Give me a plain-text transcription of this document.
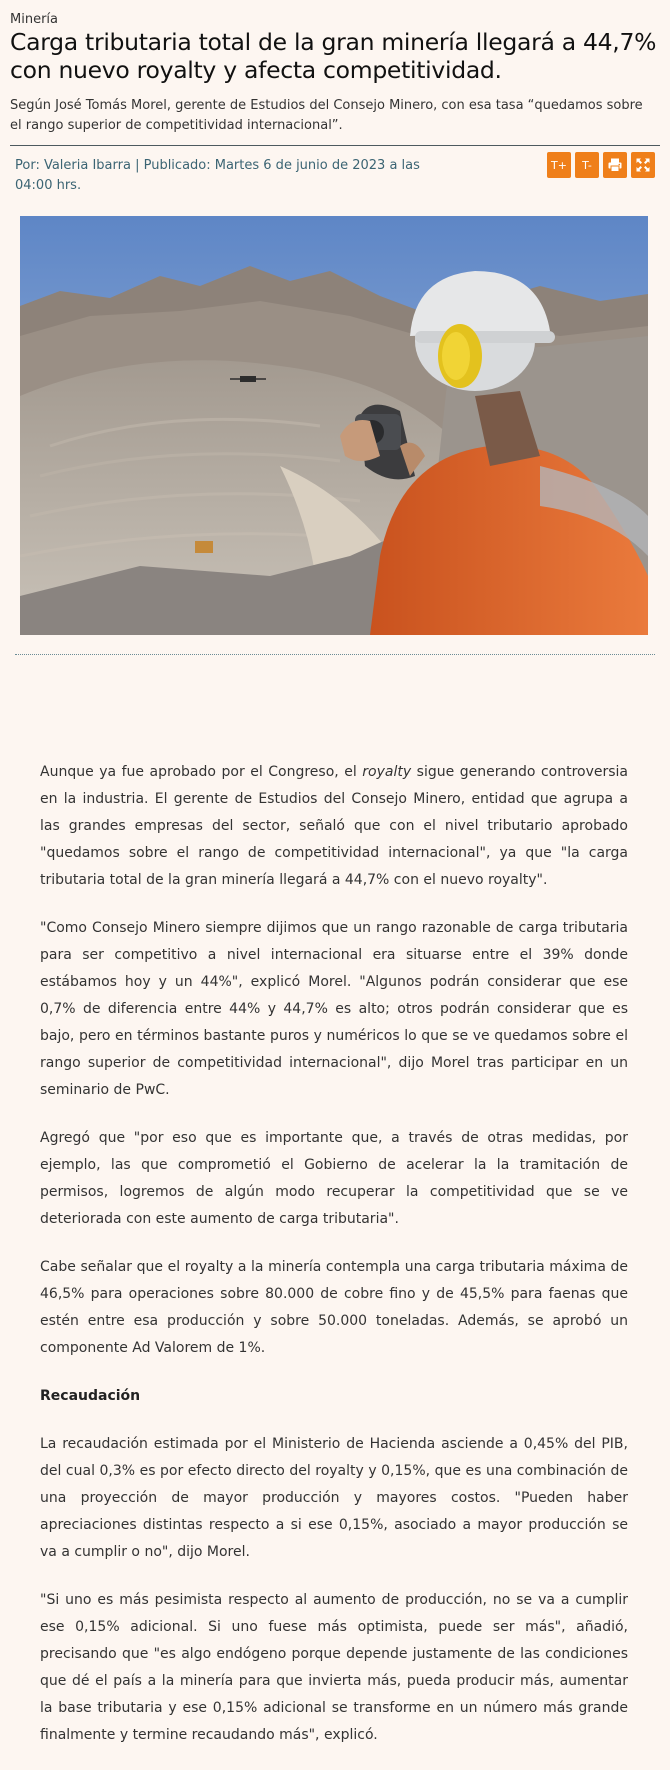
Minería
Carga tributaria total de la gran minería llegará a 44,7% con nuevo royalty y afecta competitividad.

Según José Tomás Morel, gerente de Estudios del Consejo Minero, con esa tasa “quedamos sobre el rango superior de competitividad internacional”.

Por: Valeria Ibarra | Publicado: Martes 6 de junio de 2023 a las 04:00 hrs.
T+	T-

Aunque ya fue aprobado por el Congreso, el royalty sigue generando controversia en la industria. El gerente de Estudios del Consejo Minero, entidad que agrupa a las grandes empresas del sector, señaló que con el nivel tributario aprobado "quedamos sobre el rango de competitividad internacional", ya que "la carga tributaria total de la gran minería llegará a 44,7% con el nuevo royalty".

"Como Consejo Minero siempre dijimos que un rango razonable de carga tributaria para ser competitivo a nivel internacional era situarse entre el 39% donde estábamos hoy y un 44%", explicó Morel. "Algunos podrán considerar que ese 0,7% de diferencia entre 44% y 44,7% es alto; otros podrán considerar que es bajo, pero en términos bastante puros y numéricos lo que se ve quedamos sobre el rango superior de competitividad internacional", dijo Morel tras participar en un seminario de PwC.

Agregó que "por eso que es importante que, a través de otras medidas, por ejemplo, las que comprometió el Gobierno de acelerar la la tramitación de permisos, logremos de algún modo recuperar la competitividad que se ve deteriorada con este aumento de carga tributaria".

Cabe señalar que el royalty a la minería contempla una carga tributaria máxima de 46,5% para operaciones sobre 80.000 de cobre fino y de 45,5% para faenas que estén entre esa producción y sobre 50.000 toneladas. Además, se aprobó un componente Ad Valorem de 1%.

Recaudación

La recaudación estimada por el Ministerio de Hacienda asciende a 0,45% del PIB, del cual 0,3% es por efecto directo del royalty y 0,15%, que es una combinación de una proyección de mayor producción y mayores costos. "Pueden haber apreciaciones distintas respecto a si ese 0,15%, asociado a mayor producción se va a cumplir o no", dijo Morel.

"Si uno es más pesimista respecto al aumento de producción, no se va a cumplir ese 0,15% adicional. Si uno fuese más optimista, puede ser más", añadió, precisando que "es algo endógeno porque depende justamente de las condiciones que dé el país a la minería para que invierta más, pueda producir más, aumentar la base tributaria y ese 0,15% adicional se transforme en un número más grande finalmente y termine recaudando más", explicó.
